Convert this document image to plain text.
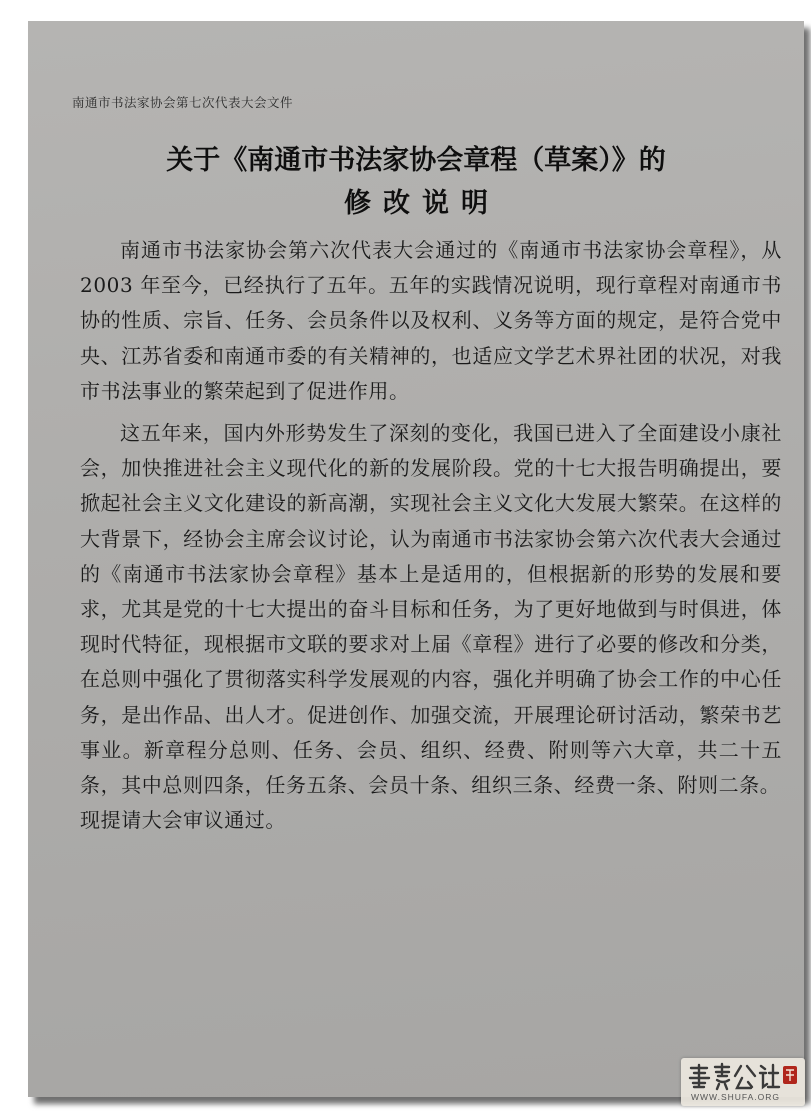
南通市书法家协会第七次代表大会文件
关于《南通市书法家协会章程（草案）》的
修改说明

南通市书法家协会第六次代表大会通过的《南通市书法家协会章程》，从2003 年至今，已经执行了五年。五年的实践情况说明，现行章程对南通市书协的性质、宗旨、任务、会员条件以及权利、义务等方面的规定，是符合党中央、江苏省委和南通市委的有关精神的，也适应文学艺术界社团的状况，对我市书法事业的繁荣起到了促进作用。

这五年来，国内外形势发生了深刻的变化，我国已进入了全面建设小康社会，加快推进社会主义现代化的新的发展阶段。党的十七大报告明确提出，要掀起社会主义文化建设的新高潮，实现社会主义文化大发展大繁荣。在这样的大背景下，经协会主席会议讨论，认为南通市书法家协会第六次代表大会通过的《南通市书法家协会章程》基本上是适用的，但根据新的形势的发展和要求，尤其是党的十七大提出的奋斗目标和任务，为了更好地做到与时俱进，体现时代特征，现根据市文联的要求对上届《章程》进行了必要的修改和分类，在总则中强化了贯彻落实科学发展观的内容，强化并明确了协会工作的中心任务，是出作品、出人才。促进创作、加强交流，开展理论研讨活动，繁荣书艺事业。新章程分总则、任务、会员、组织、经费、附则等六大章，共二十五条，其中总则四条，任务五条、会员十条、组织三条、经费一条、附则二条。

现提请大会审议通过。

WWW.SHUFA.ORG
